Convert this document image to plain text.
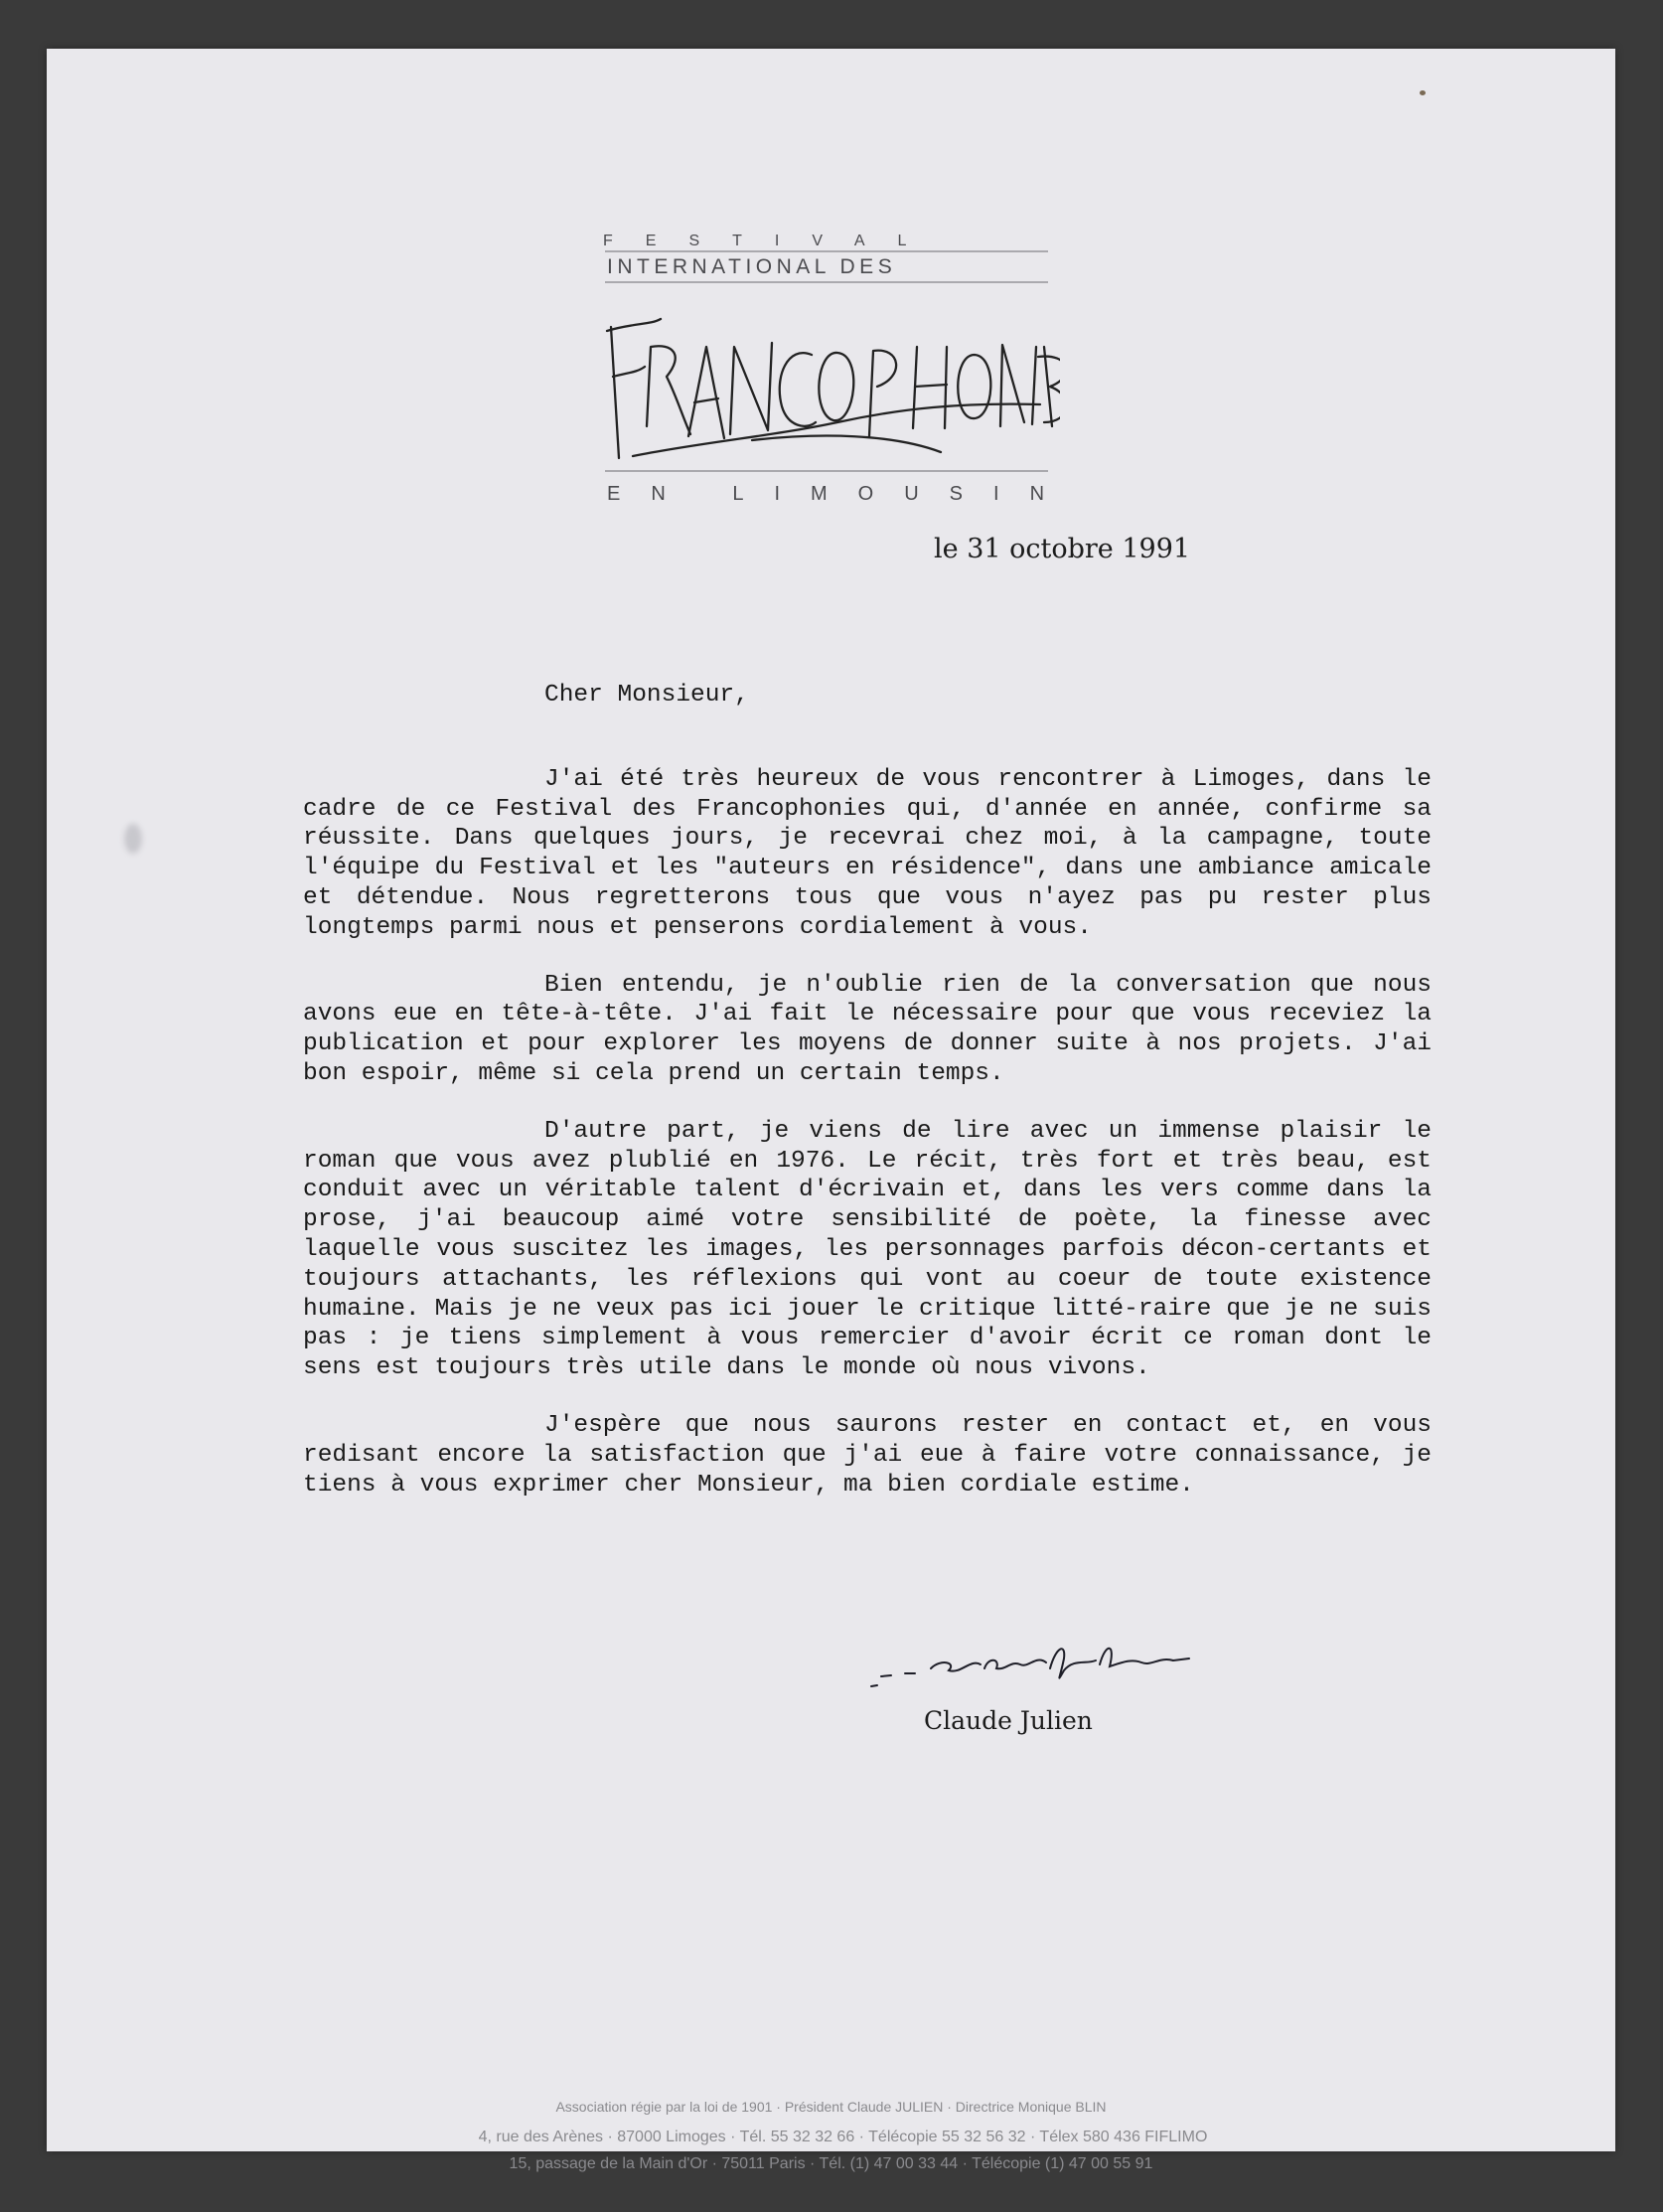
FESTIVAL
INTERNATIONAL DES
EN LIMOUSIN
le 31 octobre 1991
Cher Monsieur,

J'ai été très heureux de vous rencontrer à Limoges, dans le cadre de ce Festival des Francophonies qui, d'année en année, confirme sa réussite. Dans quelques jours, je recevrai chez moi, à la campagne, toute l'équipe du Festival et les "auteurs en résidence", dans une ambiance amicale et détendue. Nous regretterons tous que vous n'ayez pas pu rester plus longtemps parmi nous et penserons cordialement à vous.

Bien entendu, je n'oublie rien de la conversation que nous avons eue en tête-à-tête. J'ai fait le nécessaire pour que vous receviez la publication et pour explorer les moyens de donner suite à nos projets. J'ai bon espoir, même si cela prend un certain temps.

D'autre part, je viens de lire avec un immense plaisir le roman que vous avez plublié en 1976. Le récit, très fort et très beau, est conduit avec un véritable talent d'écrivain et, dans les vers comme dans la prose, j'ai beaucoup aimé votre sensibilité de poète, la finesse avec laquelle vous suscitez les images, les personnages parfois décon-certants et toujours attachants, les réflexions qui vont au coeur de toute existence humaine. Mais je ne veux pas ici jouer le critique litté-raire que je ne suis pas : je tiens simplement à vous remercier d'avoir écrit ce roman dont le sens est toujours très utile dans le monde où nous vivons.

J'espère que nous saurons rester en contact et, en vous redisant encore la satisfaction que j'ai eue à faire votre connaissance, je tiens à vous exprimer cher Monsieur, ma bien cordiale estime.

Claude Julien
Association régie par la loi de 1901 · Président Claude JULIEN · Directrice Monique BLIN
4, rue des Arènes · 87000 Limoges · Tél. 55 32 32 66 · Télécopie 55 32 56 32 · Télex 580 436 FIFLIMO
15, passage de la Main d'Or · 75011 Paris · Tél. (1) 47 00 33 44 · Télécopie (1) 47 00 55 91
